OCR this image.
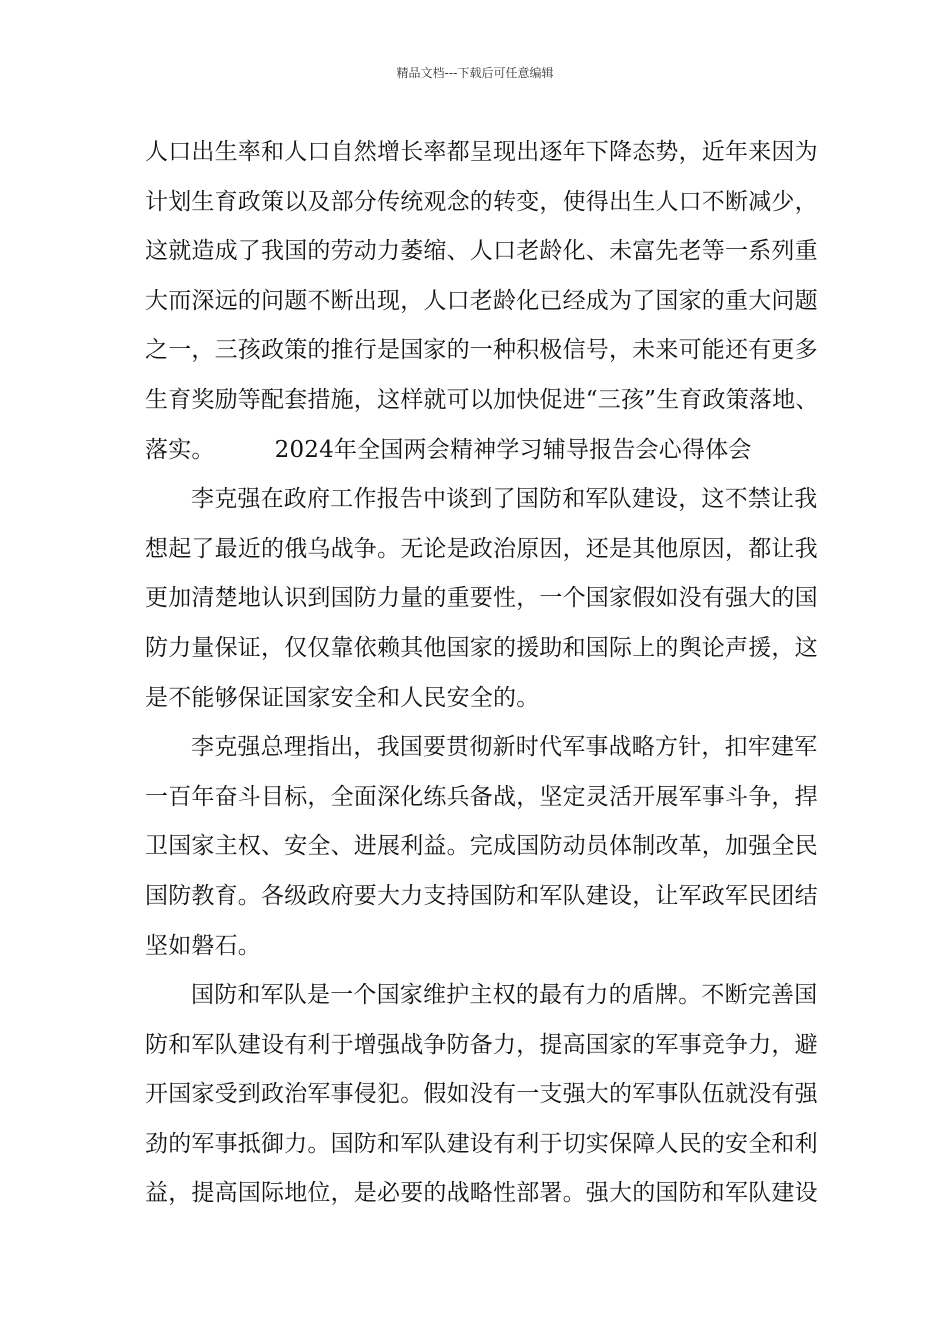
精品文档---下载后可任意编辑
人口出生率和人口自然增长率都呈现出逐年下降态势，近年来因为
计划生育政策以及部分传统观念的转变，使得出生人口不断减少，
这就造成了我国的劳动力萎缩、人口老龄化、未富先老等一系列重
大而深远的问题不断出现，人口老龄化已经成为了国家的重大问题
之一，三孩政策的推行是国家的一种积极信号，未来可能还有更多
生育奖励等配套措施，这样就可以加快促进“三孩”生育政策落地、
落实。	2024年全国两会精神学习辅导报告会心得体会
李克强在政府工作报告中谈到了国防和军队建设，这不禁让我
想起了最近的俄乌战争。无论是政治原因，还是其他原因，都让我
更加清楚地认识到国防力量的重要性，一个国家假如没有强大的国
防力量保证，仅仅靠依赖其他国家的援助和国际上的舆论声援，这
是不能够保证国家安全和人民安全的。
李克强总理指出，我国要贯彻新时代军事战略方针，扣牢建军
一百年奋斗目标，全面深化练兵备战，坚定灵活开展军事斗争，捍
卫国家主权、安全、进展利益。完成国防动员体制改革，加强全民
国防教育。各级政府要大力支持国防和军队建设，让军政军民团结
坚如磐石。
国防和军队是一个国家维护主权的最有力的盾牌。不断完善国
防和军队建设有利于增强战争防备力，提高国家的军事竞争力，避
开国家受到政治军事侵犯。假如没有一支强大的军事队伍就没有强
劲的军事抵御力。国防和军队建设有利于切实保障人民的安全和利
益，提高国际地位，是必要的战略性部署。强大的国防和军队建设
